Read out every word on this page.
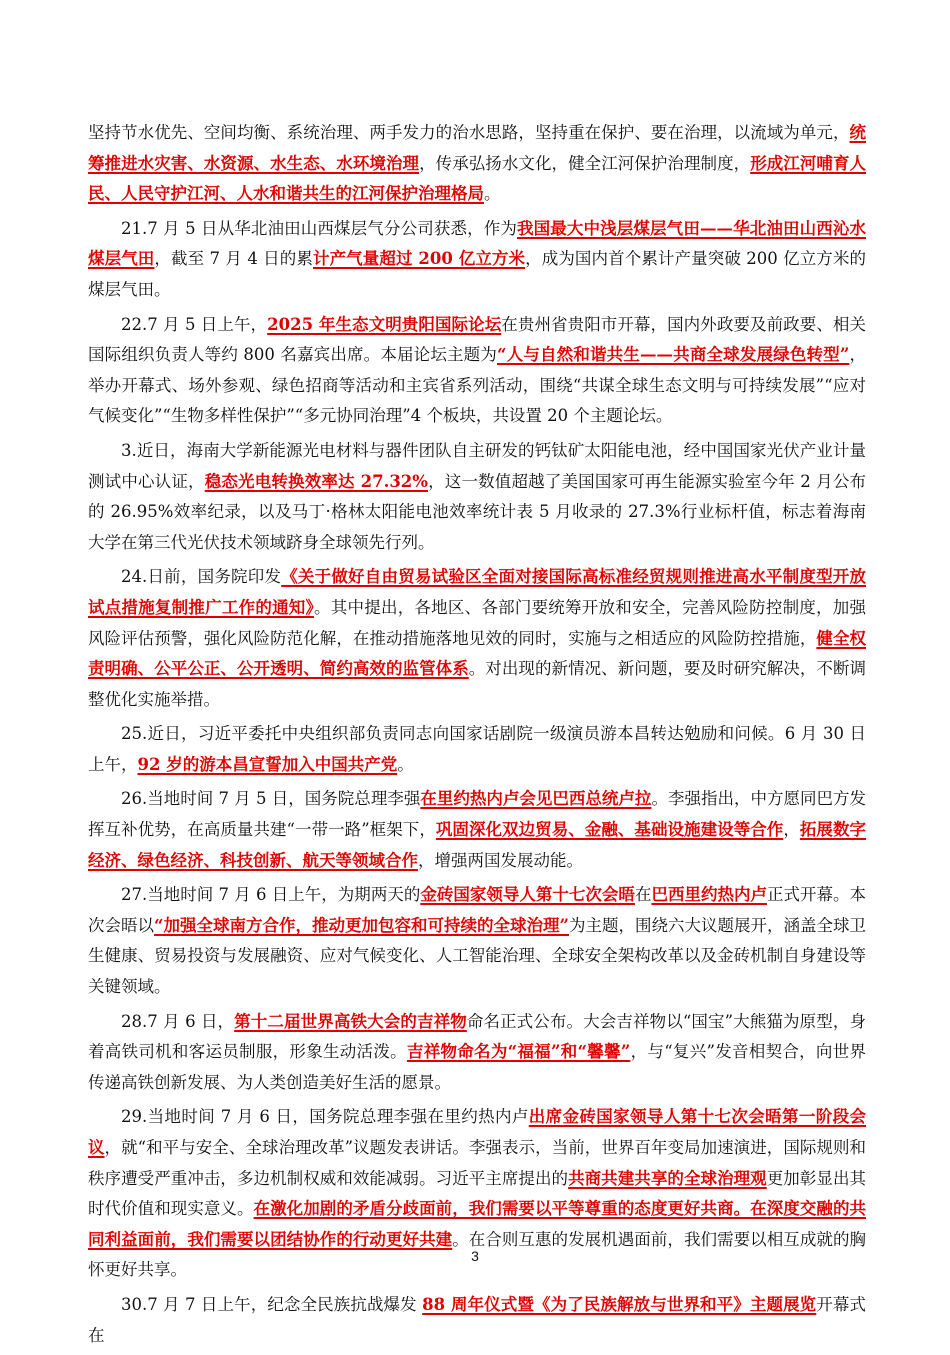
坚持节水优先、空间均衡、系统治理、两手发力的治水思路，坚持重在保护、要在治理，以流域为单元，统筹推进水灾害、水资源、水生态、水环境治理，传承弘扬水文化，健全江河保护治理制度，形成江河哺育人民、人民守护江河、人水和谐共生的江河保护治理格局。

21.7 月 5 日从华北油田山西煤层气分公司获悉，作为我国最大中浅层煤层气田——华北油田山西沁水煤层气田，截至 7 月 4 日的累计产气量超过 200 亿立方米，成为国内首个累计产量突破 200 亿立方米的煤层气田。

22.7 月 5 日上午，2025 年生态文明贵阳国际论坛在贵州省贵阳市开幕，国内外政要及前政要、相关国际组织负责人等约 800 名嘉宾出席。本届论坛主题为“人与自然和谐共生——共商全球发展绿色转型”，举办开幕式、场外参观、绿色招商等活动和主宾省系列活动，围绕“共谋全球生态文明与可持续发展”“应对气候变化”“生物多样性保护”“多元协同治理”4 个板块，共设置 20 个主题论坛。

3.近日，海南大学新能源光电材料与器件团队自主研发的钙钛矿太阳能电池，经中国国家光伏产业计量测试中心认证，稳态光电转换效率达 27.32%，这一数值超越了美国国家可再生能源实验室今年 2 月公布的 26.95%效率纪录，以及马丁·格林太阳能电池效率统计表 5 月收录的 27.3%行业标杆值，标志着海南大学在第三代光伏技术领域跻身全球领先行列。

24.日前，国务院印发《关于做好自由贸易试验区全面对接国际高标准经贸规则推进高水平制度型开放试点措施复制推广工作的通知》。其中提出，各地区、各部门要统筹开放和安全，完善风险防控制度，加强风险评估预警，强化风险防范化解，在推动措施落地见效的同时，实施与之相适应的风险防控措施，健全权责明确、公平公正、公开透明、简约高效的监管体系。对出现的新情况、新问题，要及时研究解决，不断调整优化实施举措。

25.近日，习近平委托中央组织部负责同志向国家话剧院一级演员游本昌转达勉励和问候。6 月 30 日上午，92 岁的游本昌宣誓加入中国共产党。

26.当地时间 7 月 5 日，国务院总理李强在里约热内卢会见巴西总统卢拉。李强指出，中方愿同巴方发挥互补优势，在高质量共建“一带一路”框架下，巩固深化双边贸易、金融、基础设施建设等合作，拓展数字经济、绿色经济、科技创新、航天等领域合作，增强两国发展动能。

27.当地时间 7 月 6 日上午，为期两天的金砖国家领导人第十七次会晤在巴西里约热内卢正式开幕。本次会晤以“加强全球南方合作，推动更加包容和可持续的全球治理”为主题，围绕六大议题展开，涵盖全球卫生健康、贸易投资与发展融资、应对气候变化、人工智能治理、全球安全架构改革以及金砖机制自身建设等关键领域。

28.7 月 6 日，第十二届世界高铁大会的吉祥物命名正式公布。大会吉祥物以“国宝”大熊猫为原型，身着高铁司机和客运员制服，形象生动活泼。吉祥物命名为“福福”和“馨馨”，与“复兴”发音相契合，向世界传递高铁创新发展、为人类创造美好生活的愿景。

29.当地时间 7 月 6 日，国务院总理李强在里约热内卢出席金砖国家领导人第十七次会晤第一阶段会议，就“和平与安全、全球治理改革”议题发表讲话。李强表示，当前，世界百年变局加速演进，国际规则和秩序遭受严重冲击，多边机制权威和效能减弱。习近平主席提出的共商共建共享的全球治理观更加彰显出其时代价值和现实意义。在激化加剧的矛盾分歧面前，我们需要以平等尊重的态度更好共商。在深度交融的共同利益面前，我们需要以团结协作的行动更好共建。在合则互惠的发展机遇面前，我们需要以相互成就的胸怀更好共享。

30.7 月 7 日上午，纪念全民族抗战爆发 88 周年仪式暨《为了民族解放与世界和平》主题展览开幕式在

3
